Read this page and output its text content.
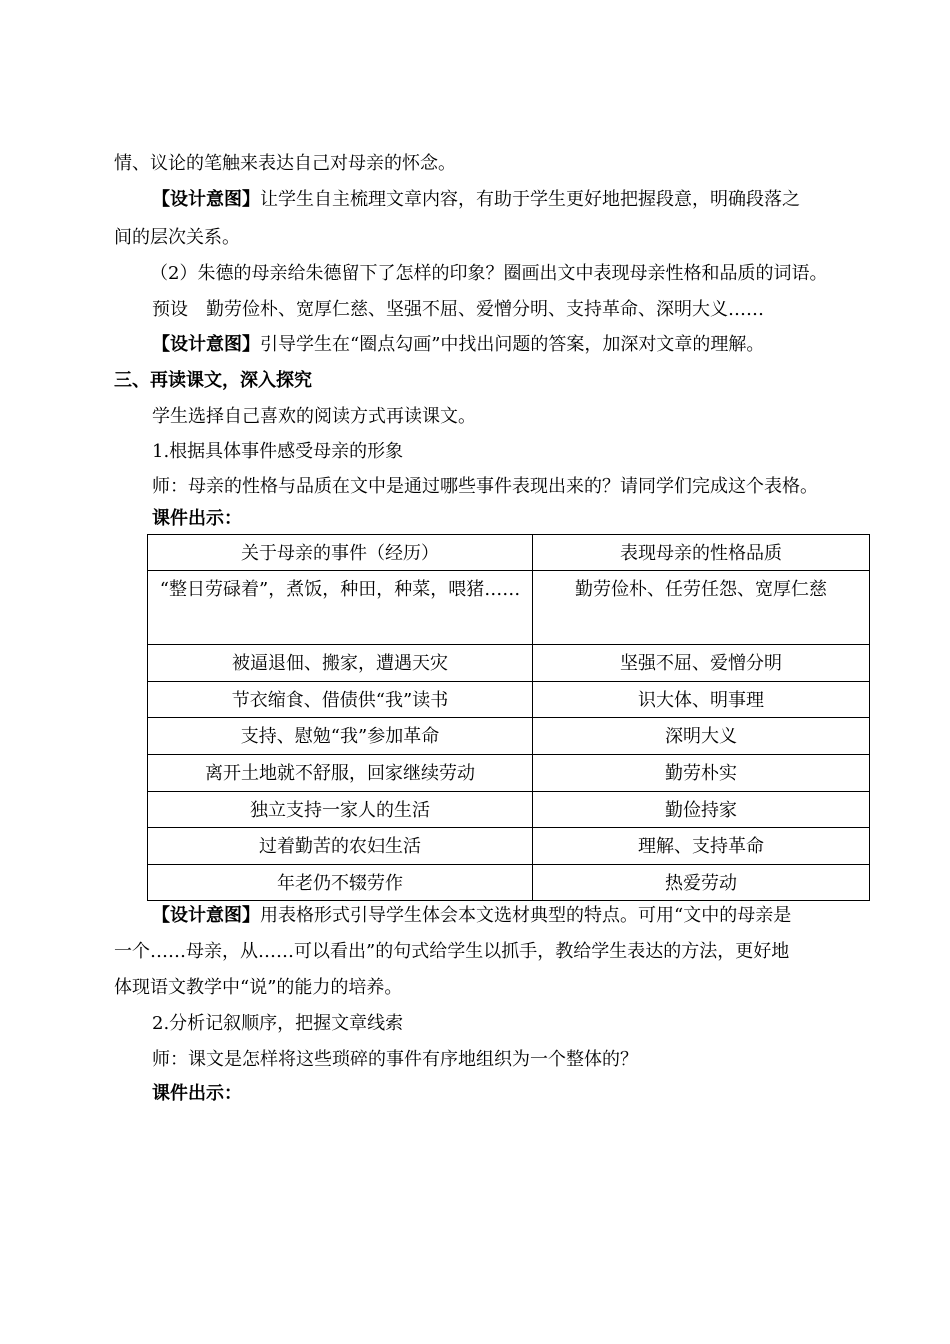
情、议论的笔触来表达自己对母亲的怀念。
【设计意图】让学生自主梳理文章内容，有助于学生更好地把握段意，明确段落之
间的层次关系。
（2）朱德的母亲给朱德留下了怎样的印象？圈画出文中表现母亲性格和品质的词语。
预设　勤劳俭朴、宽厚仁慈、坚强不屈、爱憎分明、支持革命、深明大义……
【设计意图】引导学生在“圈点勾画”中找出问题的答案，加深对文章的理解。
三、再读课文，深入探究
学生选择自己喜欢的阅读方式再读课文。
1.根据具体事件感受母亲的形象
师：母亲的性格与品质在文中是通过哪些事件表现出来的？请同学们完成这个表格。
课件出示：
关于母亲的事件（经历）	表现母亲的性格品质
“整日劳碌着”，煮饭，种田，种菜，喂猪……	勤劳俭朴、任劳任怨、宽厚仁慈
被逼退佃、搬家，遭遇天灾	坚强不屈、爱憎分明
节衣缩食、借债供“我”读书	识大体、明事理
支持、慰勉“我”参加革命	深明大义
离开土地就不舒服，回家继续劳动	勤劳朴实
独立支持一家人的生活	勤俭持家
过着勤苦的农妇生活	理解、支持革命
年老仍不辍劳作	热爱劳动
【设计意图】用表格形式引导学生体会本文选材典型的特点。可用“文中的母亲是
一个……母亲，从……可以看出”的句式给学生以抓手，教给学生表达的方法，更好地
体现语文教学中“说”的能力的培养。
2.分析记叙顺序，把握文章线索
师：课文是怎样将这些琐碎的事件有序地组织为一个整体的？
课件出示：
